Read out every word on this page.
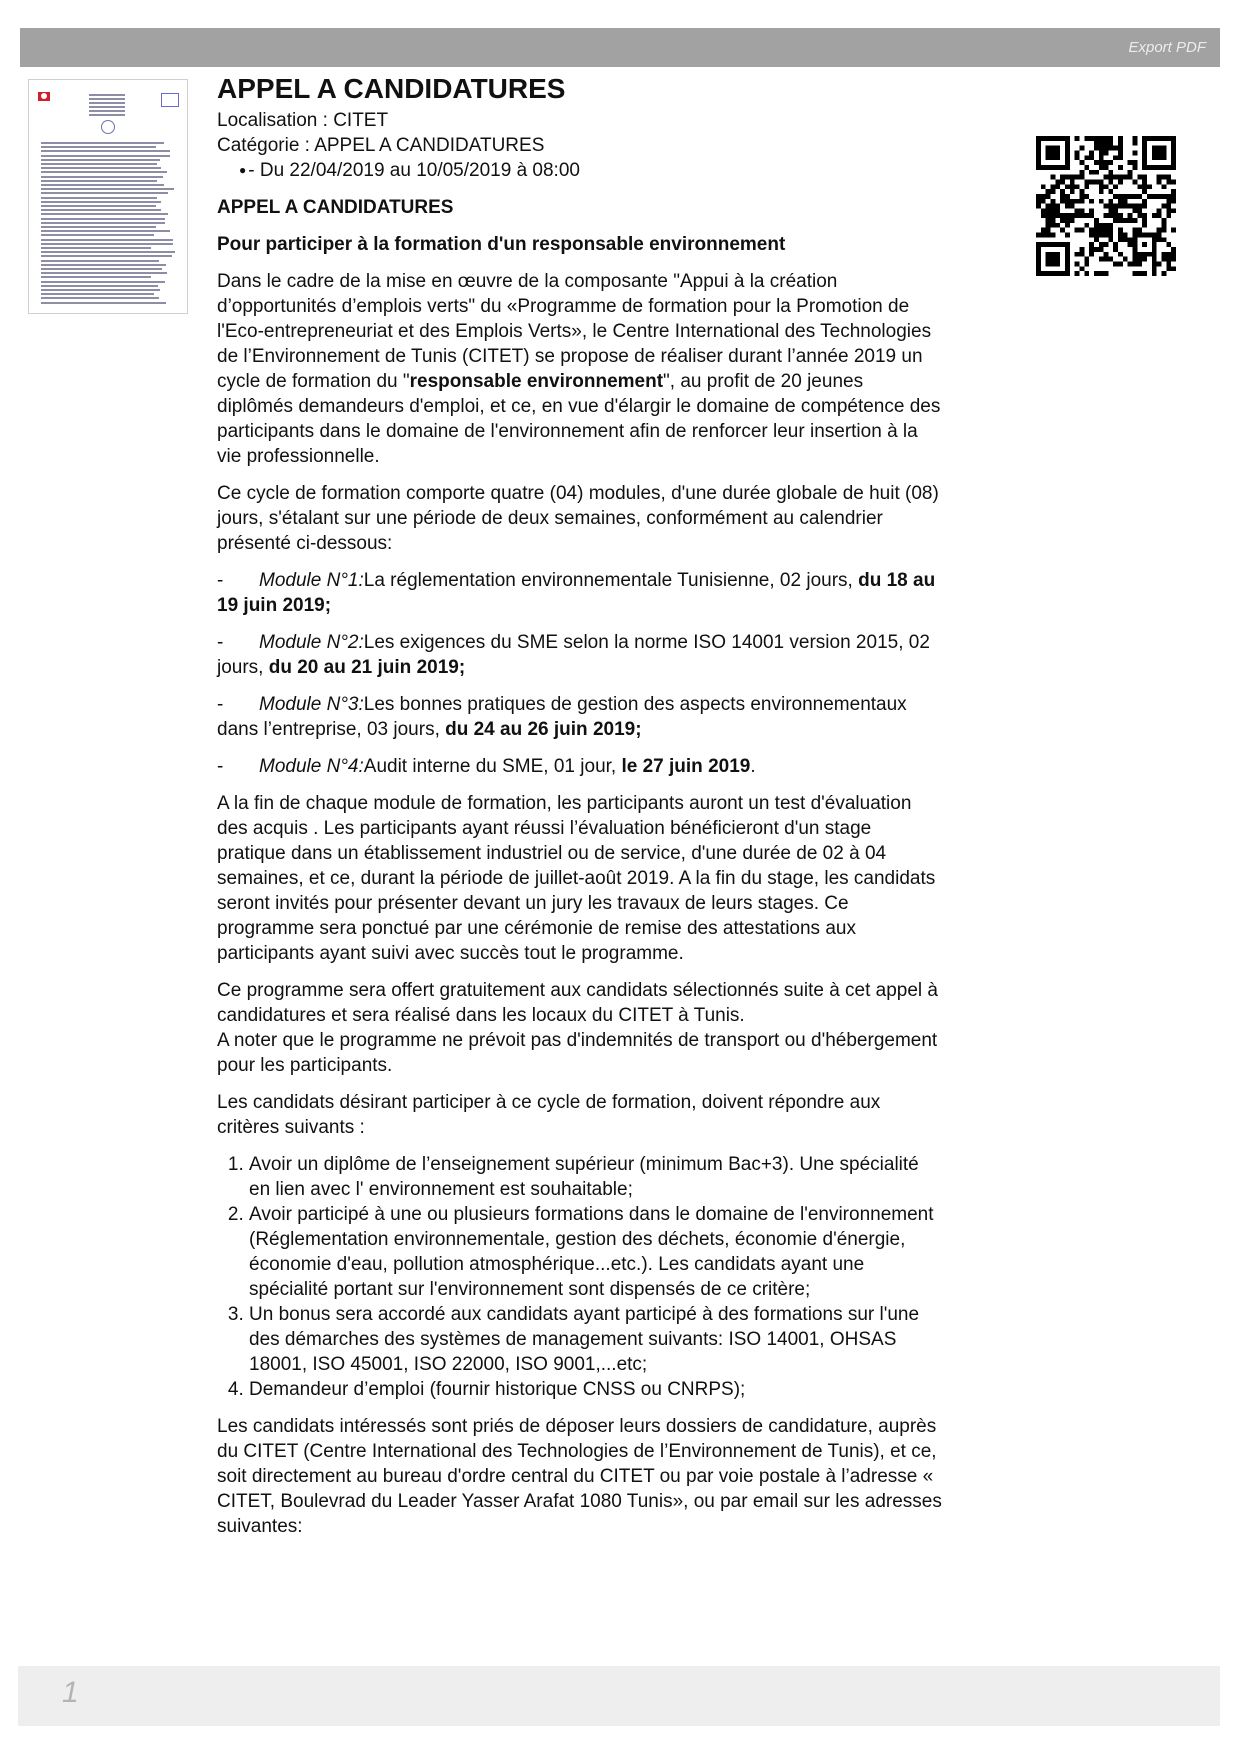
Export PDF
APPEL A CANDIDATURES
Localisation : CITET
Catégorie : APPEL A CANDIDATURES
● - Du 22/04/2019 au 10/05/2019 à 08:00
APPEL A CANDIDATURES
Pour participer à la formation d'un responsable environnement

Dans le cadre de la mise en œuvre de la composante "Appui à la création d’opportunités d’emplois verts" du «Programme de formation pour la Promotion de l'Eco-entrepreneuriat et des Emplois Verts», le Centre International des Technologies de l’Environnement de Tunis (CITET) se propose de réaliser durant l’année 2019 un cycle de formation du "responsable environnement", au profit de 20 jeunes diplômés demandeurs d'emploi, et ce, en vue d'élargir le domaine de compétence des participants dans le domaine de l'environnement afin de renforcer leur insertion à la vie professionnelle.

Ce cycle de formation comporte quatre (04) modules, d'une durée globale de huit (08) jours, s'étalant sur une période de deux semaines, conformément au calendrier présenté ci-dessous:

- Module N°1:La réglementation environnementale Tunisienne, 02 jours, du 18 au 19 juin 2019;
- Module N°2:Les exigences du SME selon la norme ISO 14001 version 2015, 02 jours, du 20 au 21 juin 2019;
- Module N°3:Les bonnes pratiques de gestion des aspects environnementaux dans l’entreprise, 03 jours, du 24 au 26 juin 2019;
- Module N°4:Audit interne du SME, 01 jour, le 27 juin 2019.

A la fin de chaque module de formation, les participants auront un test d'évaluation des acquis . Les participants ayant réussi l’évaluation bénéficieront d'un stage pratique dans un établissement industriel ou de service, d'une durée de 02 à 04 semaines, et ce, durant la période de juillet-août 2019. A la fin du stage, les candidats seront invités pour présenter devant un jury les travaux de leurs stages. Ce programme sera ponctué par une cérémonie de remise des attestations aux participants ayant suivi avec succès tout le programme.

Ce programme sera offert gratuitement aux candidats sélectionnés suite à cet appel à candidatures et sera réalisé dans les locaux du CITET à Tunis.
A noter que le programme ne prévoit pas d'indemnités de transport ou d'hébergement pour les participants.

Les candidats désirant participer à ce cycle de formation, doivent répondre aux critères suivants :

1. Avoir un diplôme de l’enseignement supérieur (minimum Bac+3). Une spécialité en lien avec l' environnement est souhaitable;
2. Avoir participé à une ou plusieurs formations dans le domaine de l'environnement (Réglementation environnementale, gestion des déchets, économie d'énergie, économie d'eau, pollution atmosphérique...etc.). Les candidats ayant une spécialité portant sur l'environnement sont dispensés de ce critère;
3. Un bonus sera accordé aux candidats ayant participé à des formations sur l'une des démarches des systèmes de management suivants: ISO 14001, OHSAS 18001, ISO 45001, ISO 22000, ISO 9001,...etc;
4. Demandeur d’emploi (fournir historique CNSS ou CNRPS);

Les candidats intéressés sont priés de déposer leurs dossiers de candidature, auprès du CITET (Centre International des Technologies de l’Environnement de Tunis), et ce, soit directement au bureau d'ordre central du CITET ou par voie postale à l’adresse « CITET, Boulevrad du Leader Yasser Arafat 1080 Tunis», ou par email sur les adresses suivantes:

1
